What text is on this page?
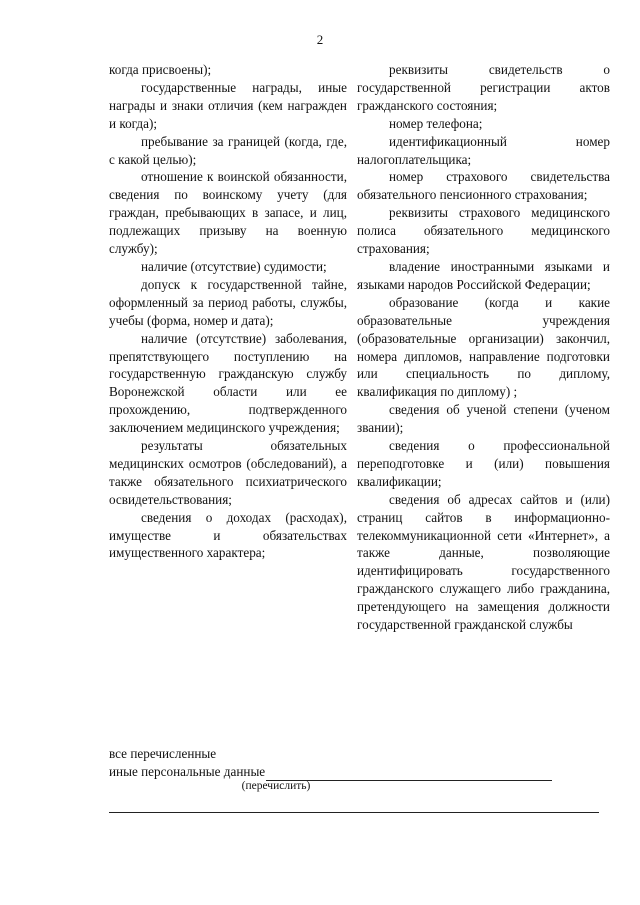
2

когда присвоены);

государственные награды, иные награды и знаки отличия (кем награжден и когда);

пребывание за границей (когда, где, с какой целью);

отношение к воинской обязанности, сведения по воинскому учету (для граждан, пребывающих в запасе, и лиц, подлежащих призыву на военную службу);

наличие (отсутствие) судимости;

допуск к государственной тайне, оформленный за период работы, службы, учебы (форма, номер и дата);

наличие (отсутствие) заболевания, препятствующего поступлению на государственную гражданскую службу Воронежской области или ее прохождению, подтвержденного заключением медицинского учреждения;

результаты обязательных медицинских осмотров (обследований), а также обязательного психиатрического освидетельствования;

сведения о доходах (расходах), имуществе и обязательствах имущественного характера;

реквизиты свидетельств о государственной регистрации актов гражданского состояния;

номер телефона;

идентификационный номер налогоплательщика;

номер страхового свидетельства обязательного пенсионного страхования;

реквизиты страхового медицинского полиса обязательного медицинского страхования;

владение иностранными языками и языками народов Российской Федерации;

образование (когда и какие образовательные учреждения (образовательные организации) закончил, номера дипломов, направление подготовки или специальность по диплому, квалификация по диплому) ;

сведения об ученой степени (ученом звании);

сведения о профессиональной переподготовке и (или) повышения квалификации;

сведения об адресах сайтов и (или) страниц сайтов в информационно-телекоммуникационной сети «Интернет», а также данные, позволяющие идентифицировать государственного гражданского служащего либо гражданина, претендующего на замещения должности государственной гражданской службы

все перечисленные
иные персональные данные
(перечислить)
